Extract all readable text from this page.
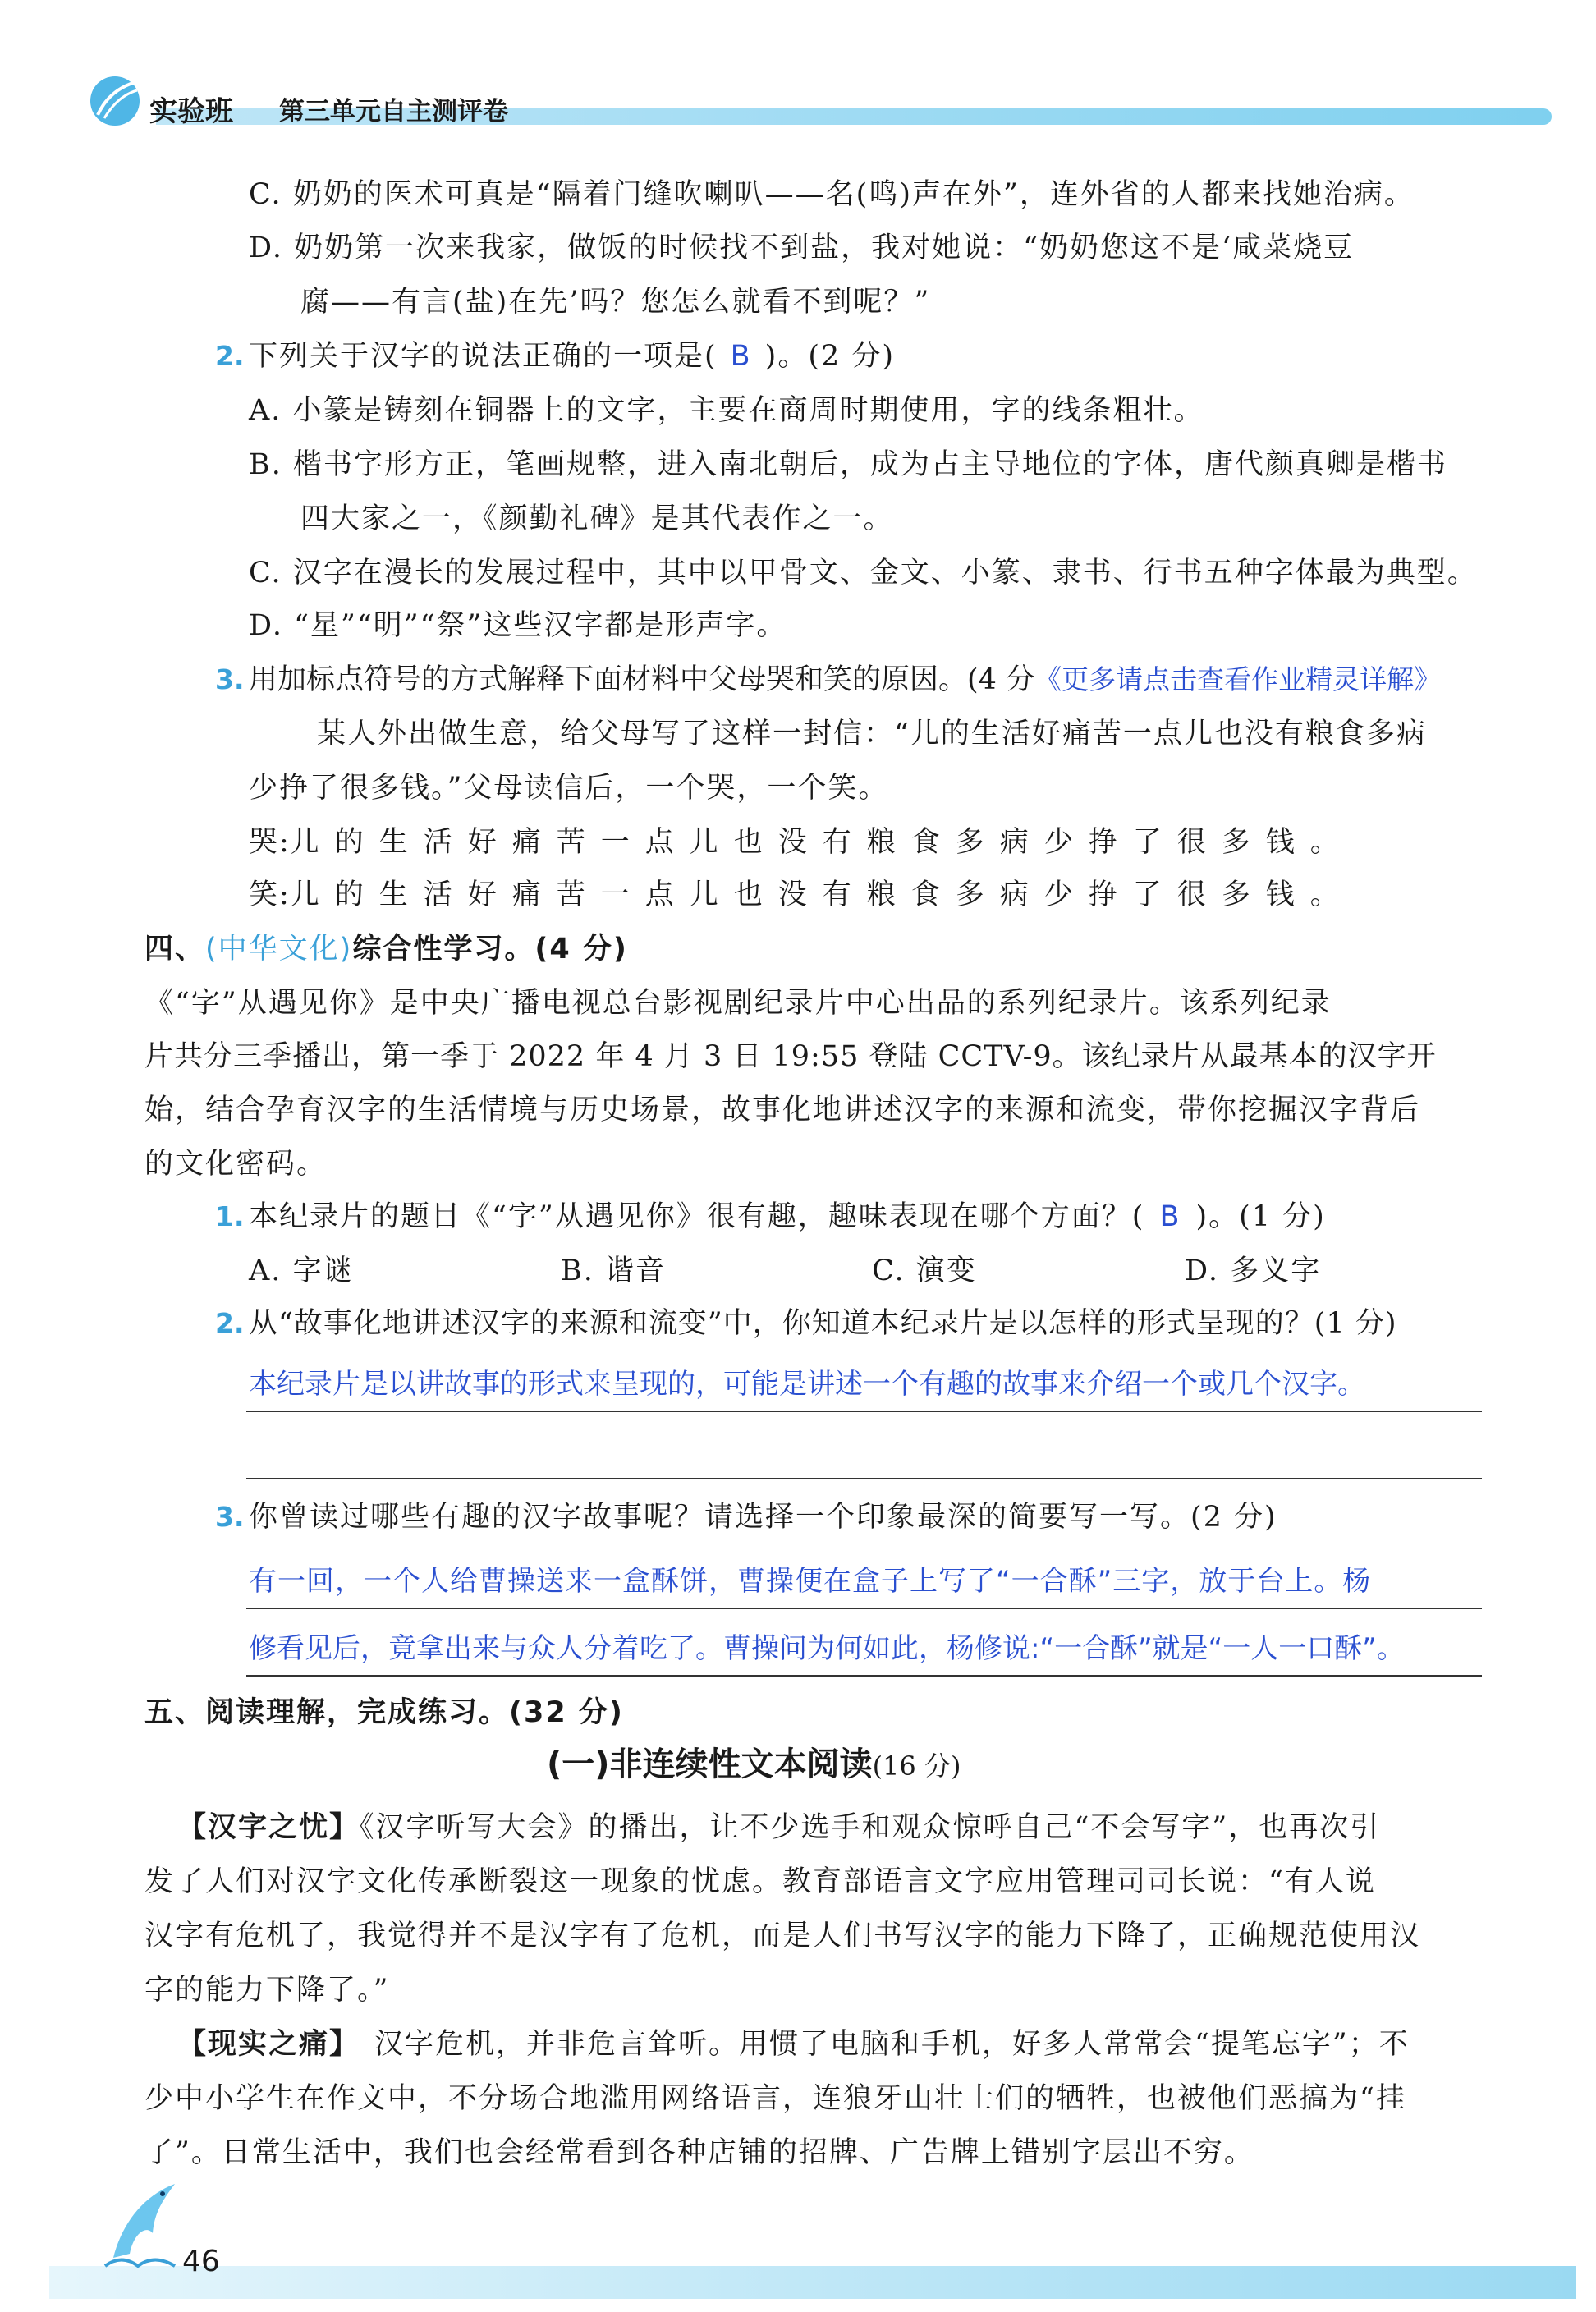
实验班 第三单元自主测评卷
C. 奶奶的医术可真是“隔着门缝吹喇叭——名(鸣)声在外”，连外省的人都来找她治病。
D. 奶奶第一次来我家，做饭的时候找不到盐，我对她说：“奶奶您这不是‘咸菜烧豆
腐——有言(盐)在先’吗？您怎么就看不到呢？”
2. 下列关于汉字的说法正确的一项是( B )。(2 分)
A. 小篆是铸刻在铜器上的文字，主要在商周时期使用，字的线条粗壮。
B. 楷书字形方正，笔画规整，进入南北朝后，成为占主导地位的字体，唐代颜真卿是楷书
四大家之一，《颜勤礼碑》是其代表作之一。
C. 汉字在漫长的发展过程中，其中以甲骨文、金文、小篆、隶书、行书五种字体最为典型。
D. “星”“明”“祭”这些汉字都是形声字。
3. 用加标点符号的方式解释下面材料中父母哭和笑的原因。(4 分《更多请点击查看作业精灵详解》
某人外出做生意，给父母写了这样一封信：“儿的生活好痛苦一点儿也没有粮食多病
少挣了很多钱。”父母读信后，一个哭，一个笑。
哭:儿的生活好痛苦一点儿也没有粮食多病少挣了很多钱。
笑:儿的生活好痛苦一点儿也没有粮食多病少挣了很多钱。
四、(中华文化)综合性学习。(4 分)
《“字”从遇见你》是中央广播电视总台影视剧纪录片中心出品的系列纪录片。该系列纪录
片共分三季播出，第一季于 2022 年 4 月 3 日 19:55 登陆 CCTV-9。该纪录片从最基本的汉字开
始，结合孕育汉字的生活情境与历史场景，故事化地讲述汉字的来源和流变，带你挖掘汉字背后
的文化密码。
1. 本纪录片的题目《“字”从遇见你》很有趣，趣味表现在哪个方面？( B )。(1 分)
A. 字谜	B. 谐音	C. 演变	D. 多义字
2. 从“故事化地讲述汉字的来源和流变”中，你知道本纪录片是以怎样的形式呈现的？(1 分)
本纪录片是以讲故事的形式来呈现的，可能是讲述一个有趣的故事来介绍一个或几个汉字。
3. 你曾读过哪些有趣的汉字故事呢？请选择一个印象最深的简要写一写。(2 分)
有一回，一个人给曹操送来一盒酥饼，曹操便在盒子上写了“一合酥”三字，放于台上。杨
修看见后，竟拿出来与众人分着吃了。曹操问为何如此，杨修说:“一合酥”就是“一人一口酥”。
五、阅读理解，完成练习。(32 分)
(一)非连续性文本阅读(16 分)
【汉字之忧】《汉字听写大会》的播出，让不少选手和观众惊呼自己“不会写字”，也再次引
发了人们对汉字文化传承断裂这一现象的忧虑。教育部语言文字应用管理司司长说：“有人说
汉字有危机了，我觉得并不是汉字有了危机，而是人们书写汉字的能力下降了，正确规范使用汉
字的能力下降了。”
【现实之痛】 汉字危机，并非危言耸听。用惯了电脑和手机，好多人常常会“提笔忘字”；不
少中小学生在作文中，不分场合地滥用网络语言，连狼牙山壮士们的牺牲，也被他们恶搞为“挂
了”。日常生活中，我们也会经常看到各种店铺的招牌、广告牌上错别字层出不穷。
46
